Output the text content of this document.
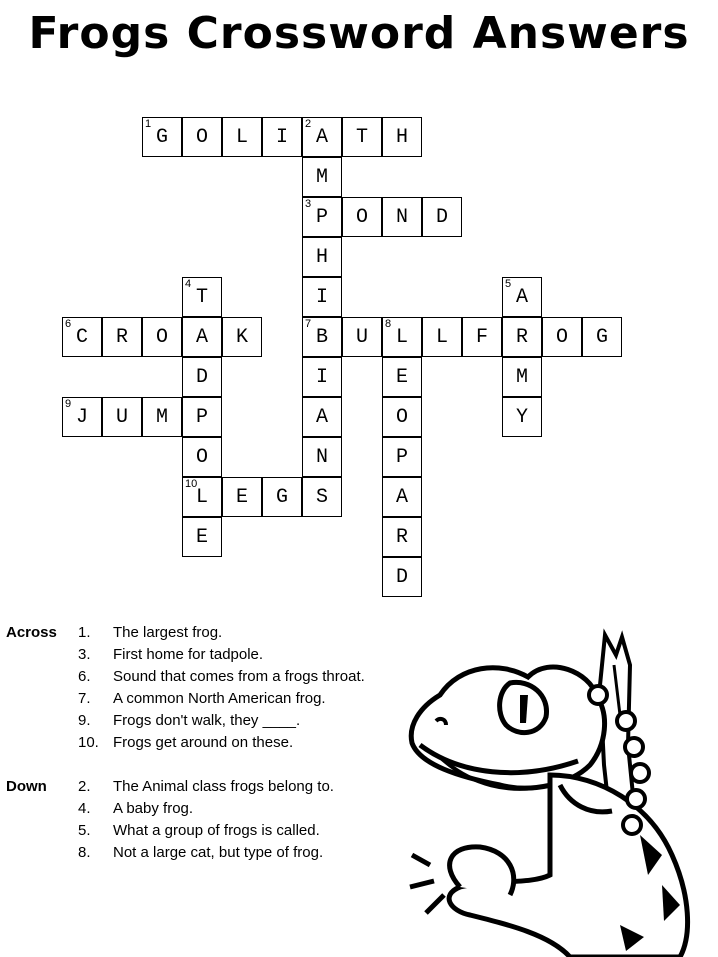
Frogs Crossword Answers
1
G	O	L	I
2
A	T	H
M
3
P	O	N	D
H
4
T	I
5
A
6
C	R	O	A	K
7
B	U
8
L	L	F	R	O	G
D	I	E	M
9
J	U	M	P	A	O	Y
O	N	P
10
L	E	G	S	A
E	R
D
Across 1.	The largest frog.
3.	First home for tadpole.
6.	Sound that comes from a frogs throat.
7.	A common North American frog.
9.	Frogs don't walk, they ____.
10. Frogs get around on these.
Down 2.	The Animal class frogs belong to.
4.	A baby frog.
5.	What a group of frogs is called.
8.	Not a large cat, but type of frog.
